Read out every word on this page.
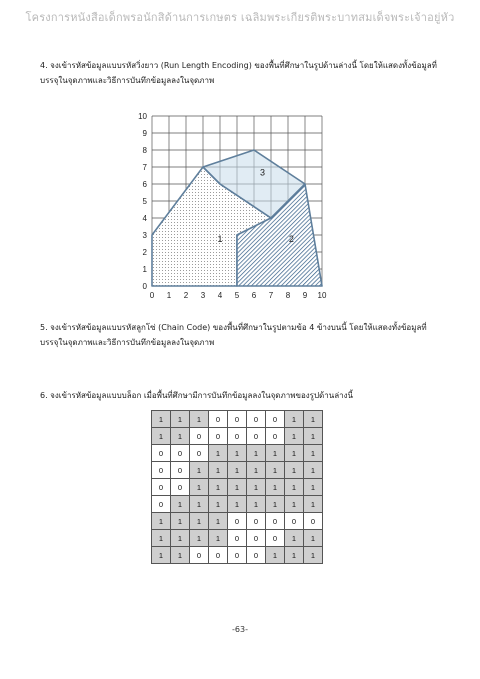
โครงการหนังสือเด็กพรอนักสิด้านการเกษตร เฉลิมพระเกียรติพระบาทสมเด็จพระเจ้าอยู่หัว
4. จงเข้ารหัสข้อมูลแบบรหัสวิ่งยาว (Run Length Encoding) ของพื้นที่ศึกษาในรูปด้านล่างนี้ โดยให้แสดงทั้งข้อมูลที่บรรจุในจุดภาพและวิธีการบันทึกข้อมูลลงในจุดภาพ
1	2
3
0 1 2 3 4 5 6 7 8 9 10
0
1
2
3
4
5
6
7
8
9
10
5. จงเข้ารหัสข้อมูลแบบรหัสลูกโซ่ (Chain Code) ของพื้นที่ศึกษาในรูปตามข้อ 4 ข้างบนนี้ โดยให้แสดงทั้งข้อมูลที่บรรจุในจุดภาพและวิธีการบันทึกข้อมูลลงในจุดภาพ
6. จงเข้ารหัสข้อมูลแบบบล็อก เมื่อพื้นที่ศึกษามีการบันทึกข้อมูลลงในจุดภาพของรูปด้านล่างนี้
1	1	1	0	0	0	0	1	1
1	1	0	0	0	0	0	1	1
0	0	0	1	1	1	1	1	1
0	0	1	1	1	1	1	1	1
0	0	1	1	1	1	1	1	1
0	1	1	1	1	1	1	1	1
1	1	1	1	0	0	0	0	0
1	1	1	1	0	0	0	1	1
1	1	0	0	0	0	1	1	1
-63-
